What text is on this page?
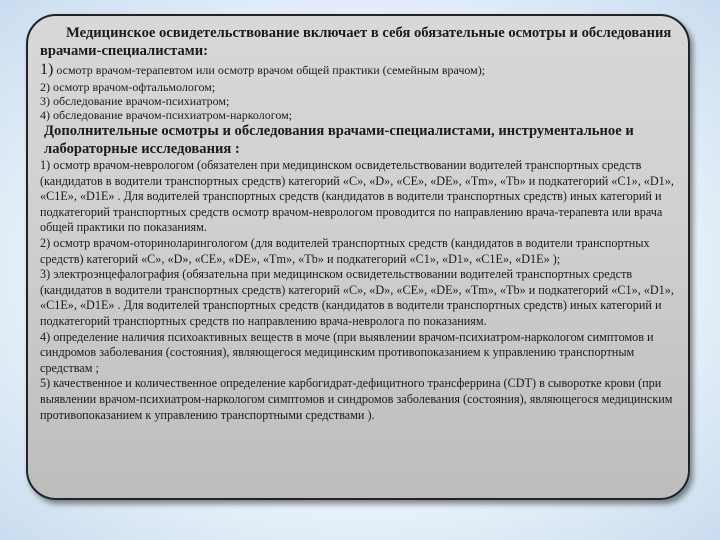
Медицинское освидетельствование включает в себя обязательные осмотры и обследования врачами-специалистами:
1) осмотр врачом-терапевтом или осмотр врачом общей практики (семейным врачом);
2) осмотр врачом-офтальмологом;
3) обследование врачом-психиатром;
4) обследование врачом-психиатром-наркологом;
Дополнительные осмотры и обследования врачами-специалистами, инструментальное и лабораторные исследования :

1) осмотр врачом-неврологом (обязателен при медицинском освидетельствовании водителей транспортных средств (кандидатов в водители транспортных средств) категорий «С», «D», «CE», «DE», «Tm», «Tb» и подкатегорий «C1», «D1», «C1E», «D1E» . Для водителей транспортных средств (кандидатов в водители транспортных средств) иных категорий и подкатегорий транспортных средств осмотр врачом-неврологом проводится по направлению врача-терапевта или врача общей практики по показаниям.

2) осмотр врачом-оториноларингологом (для водителей транспортных средств (кандидатов в водители транспортных средств) категорий «С», «D», «CE», «DE», «Tm», «Tb» и подкатегорий «C1», «D1», «C1E», «D1E» );

3) электроэнцефалография (обязательна при медицинском освидетельствовании водителей транспортных средств (кандидатов в водители транспортных средств) категорий «С», «D», «CE», «DE», «Tm», «Tb» и подкатегорий «C1», «D1», «C1E», «D1E» . Для водителей транспортных средств (кандидатов в водители транспортных средств) иных категорий и подкатегорий транспортных средств по направлению врача-невролога по показаниям.

4) определение наличия психоактивных веществ в моче (при выявлении врачом-психиатром-наркологом симптомов и синдромов заболевания (состояния), являющегося медицинским противопоказанием к управлению транспортным средствам ;

5) качественное и количественное определение карбогидрат-дефицитного трансферрина (CDT) в сыворотке крови (при выявлении врачом-психиатром-наркологом симптомов и синдромов заболевания (состояния), являющегося медицинским противопоказанием к управлению транспортными средствами ).
